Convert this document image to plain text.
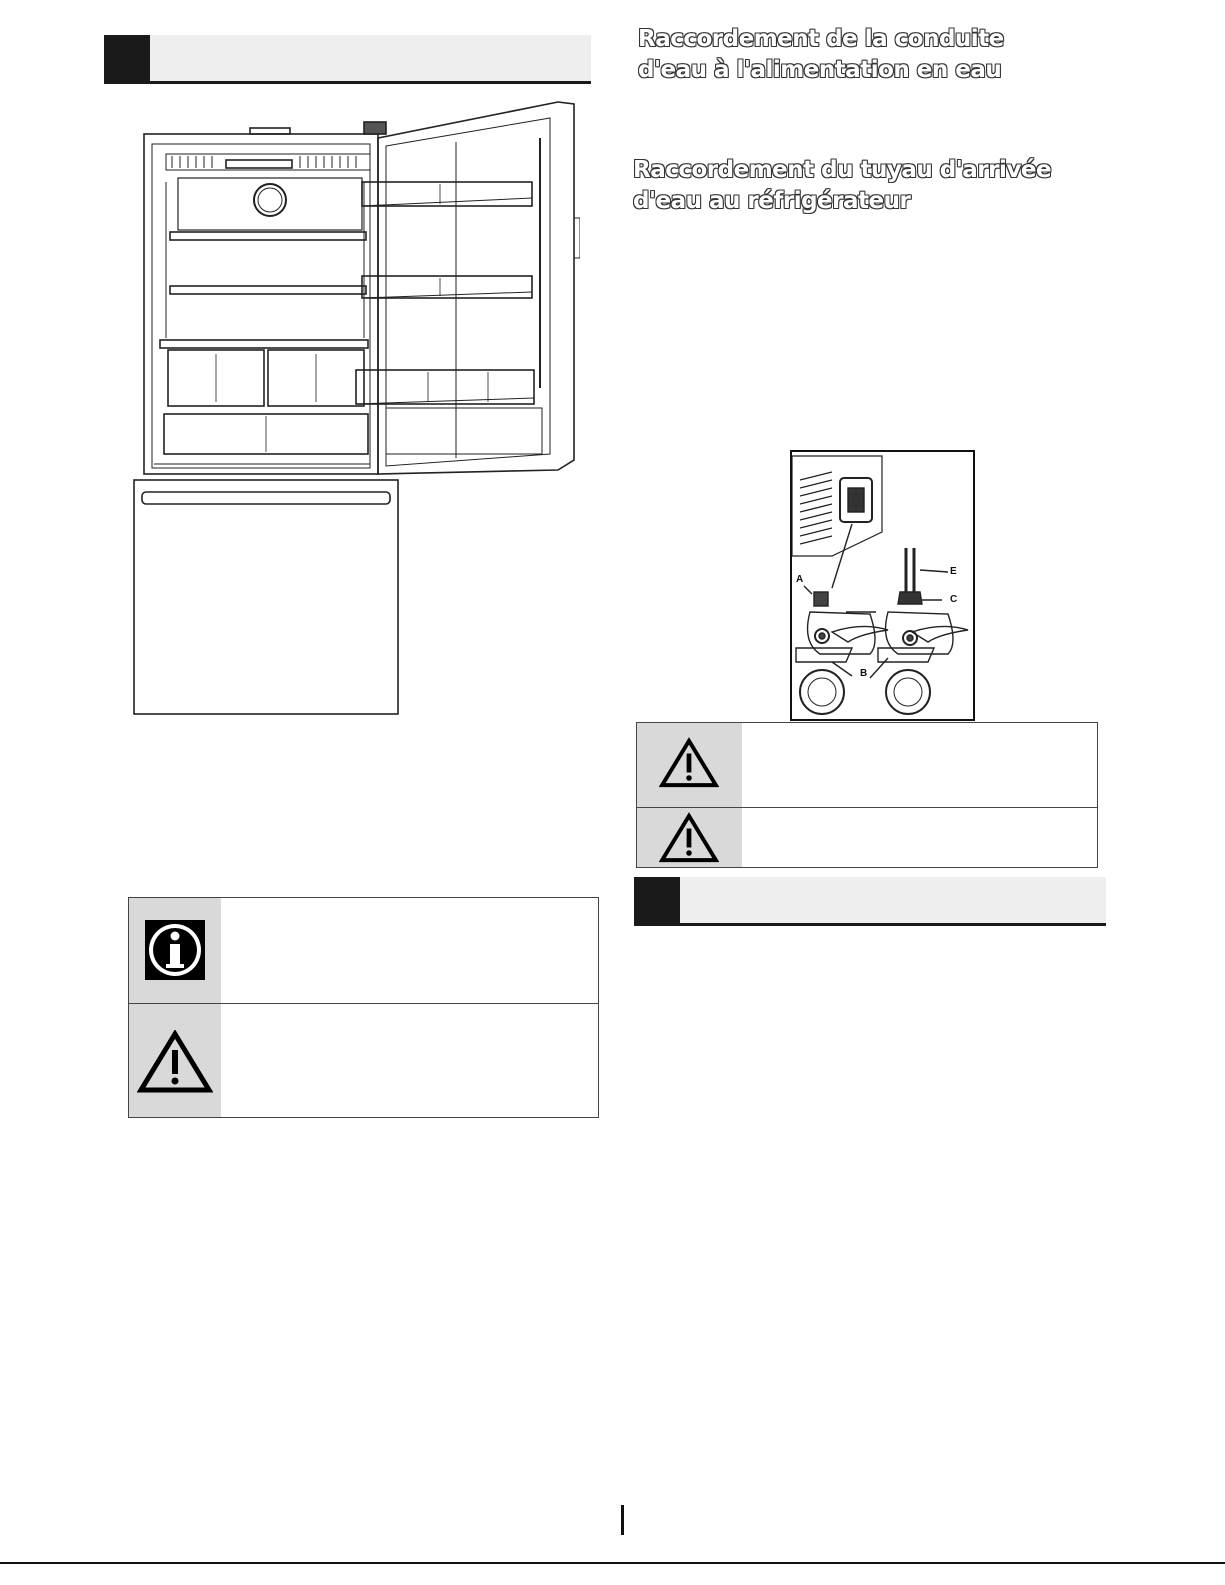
Raccordement de la conduite d'eau à l'alimentation en eau
Raccordement du tuyau d'arrivée d'eau au réfrigérateur
A
B
C
E
